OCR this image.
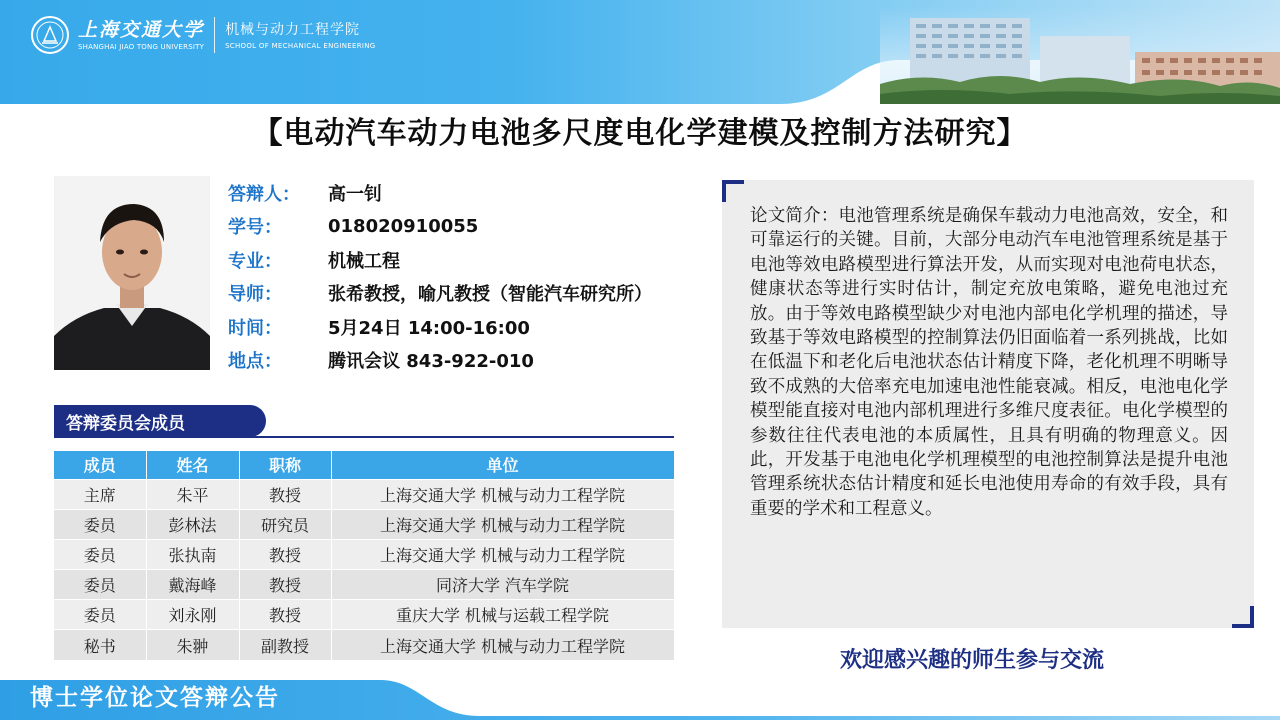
上海交通大学
SHANGHAI JIAO TONG UNIVERSITY
机械与动力工程学院
SCHOOL OF MECHANICAL ENGINEERING
【电动汽车动力电池多尺度电化学建模及控制方法研究】
答辩人： 高一钊
学号：	018020910055
专业：	机械工程
导师：	张希教授，喻凡教授（智能汽车研究所）
时间：	5月24日 14:00-16:00
地点：	腾讯会议 843-922-010
答辩委员会成员
成员	姓名	职称	单位
主席	朱平	教授	上海交通大学 机械与动力工程学院
委员	彭林法	研究员	上海交通大学 机械与动力工程学院
委员	张执南	教授	上海交通大学 机械与动力工程学院
委员	戴海峰	教授	同济大学 汽车学院
委员	刘永刚	教授	重庆大学 机械与运载工程学院
秘书	朱翀	副教授	上海交通大学 机械与动力工程学院
论文简介：电池管理系统是确保车载动力电池高效，安全，和可靠运行的关键。目前，大部分电动汽车电池管理系统是基于电池等效电路模型进行算法开发，从而实现对电池荷电状态，健康状态等进行实时估计，制定充放电策略，避免电池过充放。由于等效电路模型缺少对电池内部电化学机理的描述，导致基于等效电路模型的控制算法仍旧面临着一系列挑战，比如在低温下和老化后电池状态估计精度下降，老化机理不明晰导致不成熟的大倍率充电加速电池性能衰减。相反，电池电化学模型能直接对电池内部机理进行多维尺度表征。电化学模型的参数往往代表电池的本质属性，且具有明确的物理意义。因此，开发基于电池电化学机理模型的电池控制算法是提升电池管理系统状态估计精度和延长电池使用寿命的有效手段，具有重要的学术和工程意义。
欢迎感兴趣的师生参与交流
博士学位论文答辩公告
